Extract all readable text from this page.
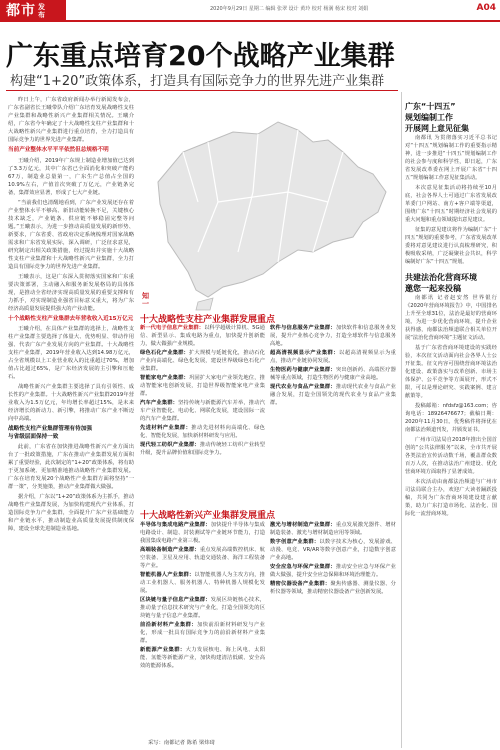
都市 发布
2020年9月29日 星期二 编辑 张翠 设计 黄玲 校对 杨满 杨宋 校对 刘娟	A04
广东重点培育20个战略产业集群
构建“1+20”政策体系，打造具有国际竞争力的世界先进产业集群

昨日上午，广东省政府新闻办举行新闻发布会，广东省副省长王曦带队介绍广东培育发展战略性支柱产业集群和战略性新兴产业集群相关情况。王曦介绍，广东省今年确定了十大战略性支柱产业集群和十大战略性新兴产业集群进行重点培育，全力打造具有国际竞争力的世界先进产业集群。

当前产业整体水平平平依然但总规格不明

王曦介绍，2019年广东规上制造业增加值已达到了3.3万亿元，其中广东省已全面消化和突破产能约67万，制造业总量第一，广东生产总值占全国的10.9%左右，产值首次突破了万亿元，产业链条完备，集群效应显著，形成了七大产业链。

“当前我们也清醒地看到，广东产业发展还存在着产业整体水平不够高、新旧动能转换不足，关键核心技术缺乏，产业链条、供应链不够稳固完整等问题。”王曦表示，为进一步推动高质量发展的新形势、新要求，广东省委、省政府决定系统梳理对国家战略需求和广东省发展实际，深入调研，广泛征求意见，研究制定出相关政策措施，经过提出并实施十大战略性支柱产业集群和十大战略性新兴产业集群，全力打造具有国际竞争力的世界先进产业集群。

王曦表示，这是广东深入贯彻落实国家和广东重要决策部署，主动融入和服务新发展格局的具体体现，是推动全省经济实现高质量发展的重要支撑和有力抓手，对实现制造业强省目标意义重大，将为广东经济高质量发展提供强大的产业动能。

十个战略性支柱产业集群去年营收收入近15万亿元

王曦介绍，在具体产业集群的选择上，战略性支柱产业集群主要选择了体量大、优势明显、带动作用强、代表广东产业发展方向的产业集群。十大战略性支柱产业集群，2019年营业收入达到14.98万亿元，占全省规模以上工业营业收入的比重超过70%，增加值占比超过65%，是广东经济发展的主引擎和压舱石。

战略性新兴产业集群主要选择了具有引领性、成长性的产业集群。十大战略性新兴产业集群2019年营业收入为1.5万亿元，年均增长率超过15%，是未来经济增长的新动力、新引擎，将推动广东产业不断迈向中高端。

战略性支柱产业集群管理有待加强
与省级层面保持一致

此前，广东省在加快推进战略性新兴产业方面出台了一批政策措施，广东在推动产业集群发展方面积累了重要经验，此次制定的“1+20”政策体系，将有助于更加系统、更加精准地推动战略性产业集群发展。广东在培育发展20个战略性产业集群方面将坚持“一群一策”，分类施策，推动产业集群做大做强。

据介绍，广东以“1+20”政策体系为主抓手，推动战略性产业集群发展，为加快构建现代产业体系，打造国际竞争力产业集群，全面提升广东产业基础能力和产业链水平，推动制造业高质量发展提供制度保障，建设全球先进制造业基地。

知一
十大战略性支柱产业集群发展重点
新一代电子信息产业集群：以科学超级计算机、5G通信、新型显示、集成电路为重点，加快提升创新能力，做大做强产业规模。
绿色石化产业集群：扩大规模与延链优化，推动石化产业向高端化、绿色化发展，建设世界级绿色石化产业集群。
智能家电产业集群：巩固扩大家电产业领先地位，推动智能家电创新发展，打造世界级智能家电产业集群。
汽车产业集群：坚持传统与新能源汽车并举，推动汽车产业智能化、电动化、网联化发展，建设国际一流的汽车产业集群。
先进材料产业集群：推动先进材料向高端化、绿色化、智能化发展，加快新材料研发与应用。
现代轻工纺织产业集群：推动传统轻工纺织产业转型升级，提升品牌价值和国际竞争力。
软件与信息服务产业集群：加快软件和信息服务业发展，提升产业核心竞争力，打造全球软件与信息服务高地。
超高清视频显示产业集群：以超高清视频显示为重点，推动产业链协同发展。
生物医药与健康产业集群：突出创新药、高端医疗器械等重点领域，打造生物医药与健康产业高地。
现代农业与食品产业集群：推动现代农业与食品产业融合发展，打造全国领先的现代农业与食品产业集群。
十大战略性新兴产业集群发展重点
半导体与集成电路产业集群：加快提升半导体与集成电路设计、制造、封装测试等产业链环节能力，打造我国集成电路产业第三极。
高端装备制造产业集群：重点发展高端数控机床、航空装备、卫星及应用、轨道交通装备、海洋工程装备等产业。
智能机器人产业集群：以智能机器人为主攻方向，推动工业机器人、服务机器人、特种机器人规模化发展。
区块链与量子信息产业集群：发展区块链核心技术，推动量子信息技术研究与产业化，打造全国领先的区块链与量子信息产业集群。
前沿新材料产业集群：加快前沿新材料研发与产业化，形成一批具有国际竞争力的前沿新材料产业集群。
新能源产业集群：大力发展核电、海上风电、太阳能、氢能等新能源产业，加快构建清洁低碳、安全高效的能源体系。
激光与增材制造产业集群：重点发展激光器件、增材制造装备、激光与增材制造应用等领域。
数字创意产业集群：以数字技术为核心，发展游戏、动漫、电竞、VR/AR等数字创意产业，打造数字创意产业高地。
安全应急与环保产业集群：推动安全应急与环保产业做大做强，提升安全应急保障和环境治理能力。
精密仪器设备产业集群：聚焦传感器、测量仪器、分析仪器等领域，推动精密仪器设备产业创新发展。
采写：南都记者 陈希 梁炜琦
广东“十四五”
规划编制工作
开展网上意见征集

南都讯 为贯彻落实习近平总书记对“十四五”规划编制工作的重要指示精神，进一步推进“十四五”规划编制工作的社会参与度和科学性，即日起，广东省发展改革委在网上开展广东省“十四五”规划编制工作意见征集活动。

本次意见征集活动将持续至10月底，社会各界人士可通过广东省发展改革委门户网站、南方+客户端等渠道，围绕广东“十四五”时期经济社会发展的重大问题和重点领域提出意见建议。

征集的意见建议将作为编制广东“十四五”规划的重要参考，广东省发展改革委将对意见建议进行认真梳理研究，积极吸收采纳，广泛凝聚社会共识，科学编制好广东“十四五”规划。

共建法治化营商环境
邀您一起来投稿

南都讯 记者赵安然 世界银行《2020年营商环境报告》中，中国排名上升至全球31位，法治是最好的营商环境。为进一步优化营商环境，提升企业获得感，南都法治频道联合相关单位开展“法治化营商环境”主题征文活动。

基于广东省营商环境建设的实践经验，本次征文活动面向社会各界人士公开征集。征文内容可围绕营商环境法治化建设、政策落实与改革创新、市场主体保护、公平竞争等方面展开，形式不限，可以是理论研究、实践案例、建言献策等。

投稿邮箱：nfdsfz@163.com；咨询电话：18926476677；截稿日期：2020年11月30日。优秀稿件将择优在南都法治频道刊发，并颁发证书。

广州市司法局自2018年推出全国首创的“公共法律服务”以来，全市共开展各类法治宣传活动数千场，覆盖群众数百万人次，在推动法治广州建设、优化营商环境方面取得了显著成效。

本次活动由南都法治频道与广州市司法局联合主办，欢迎广大读者踊跃投稿，共同为广东营商环境建设建言献策，助力广东打造市场化、法治化、国际化一流营商环境。
